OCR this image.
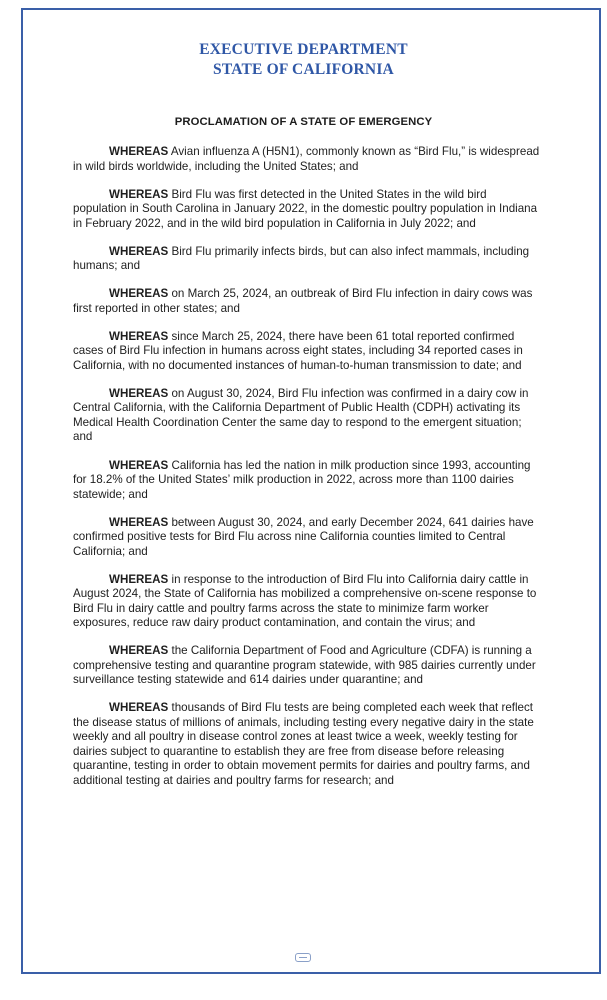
EXECUTIVE DEPARTMENT
STATE OF CALIFORNIA
PROCLAMATION OF A STATE OF EMERGENCY

WHEREAS Avian influenza A (H5N1), commonly known as “Bird Flu,” is widespread in wild birds worldwide, including the United States; and

WHEREAS Bird Flu was first detected in the United States in the wild bird population in South Carolina in January 2022, in the domestic poultry population in Indiana in February 2022, and in the wild bird population in California in July 2022; and

WHEREAS Bird Flu primarily infects birds, but can also infect mammals, including humans; and

WHEREAS on March 25, 2024, an outbreak of Bird Flu infection in dairy cows was first reported in other states; and

WHEREAS since March 25, 2024, there have been 61 total reported confirmed cases of Bird Flu infection in humans across eight states, including 34 reported cases in California, with no documented instances of human-to-human transmission to date; and

WHEREAS on August 30, 2024, Bird Flu infection was confirmed in a dairy cow in Central California, with the California Department of Public Health (CDPH) activating its Medical Health Coordination Center the same day to respond to the emergent situation; and

WHEREAS California has led the nation in milk production since 1993, accounting for 18.2% of the United States’ milk production in 2022, across more than 1100 dairies statewide; and

WHEREAS between August 30, 2024, and early December 2024, 641 dairies have confirmed positive tests for Bird Flu across nine California counties limited to Central California; and

WHEREAS in response to the introduction of Bird Flu into California dairy cattle in August 2024, the State of California has mobilized a comprehensive on-scene response to Bird Flu in dairy cattle and poultry farms across the state to minimize farm worker exposures, reduce raw dairy product contamination, and contain the virus; and

WHEREAS the California Department of Food and Agriculture (CDFA) is running a comprehensive testing and quarantine program statewide, with 985 dairies currently under surveillance testing statewide and 614 dairies under quarantine; and

WHEREAS thousands of Bird Flu tests are being completed each week that reflect the disease status of millions of animals, including testing every negative dairy in the state weekly and all poultry in disease control zones at least twice a week, weekly testing for dairies subject to quarantine to establish they are free from disease before releasing quarantine, testing in order to obtain movement permits for dairies and poultry farms, and additional testing at dairies and poultry farms for research; and
